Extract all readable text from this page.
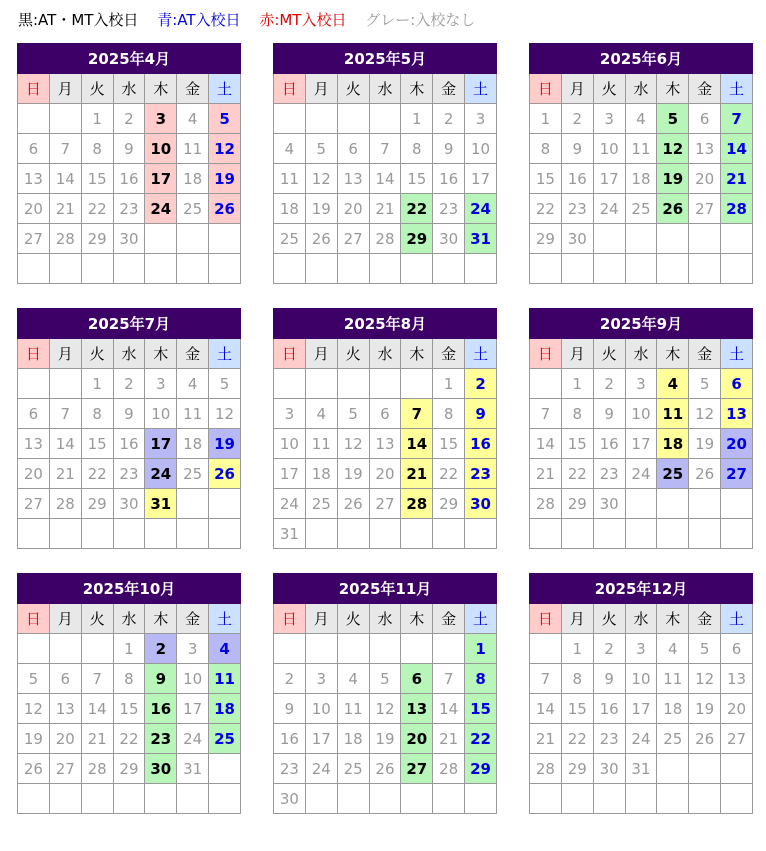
黒:AT・MT入校日 青:AT入校日 赤:MT入校日 グレー:入校なし
2025年4月						
日	月	火	水	木	金	土
		1	2	3	4	5
6	7	8	9	10	11	12
13	14	15	16	17	18	19
20	21	22	23	24	25	26
27	28	29	30			

2025年5月						
日	月	火	水	木	金	土
				1	2	3
4	5	6	7	8	9	10
11	12	13	14	15	16	17
18	19	20	21	22	23	24
25	26	27	28	29	30	31

2025年6月						
日	月	火	水	木	金	土
1	2	3	4	5	6	7
8	9	10	11	12	13	14
15	16	17	18	19	20	21
22	23	24	25	26	27	28
29	30					

2025年7月						
日	月	火	水	木	金	土
		1	2	3	4	5
6	7	8	9	10	11	12
13	14	15	16	17	18	19
20	21	22	23	24	25	26
27	28	29	30	31		

2025年8月						
日	月	火	水	木	金	土
					1	2
3	4	5	6	7	8	9
10	11	12	13	14	15	16
17	18	19	20	21	22	23
24	25	26	27	28	29	30
31						
2025年9月						
日	月	火	水	木	金	土
	1	2	3	4	5	6
7	8	9	10	11	12	13
14	15	16	17	18	19	20
21	22	23	24	25	26	27
28	29	30				

2025年10月						
日	月	火	水	木	金	土
			1	2	3	4
5	6	7	8	9	10	11
12	13	14	15	16	17	18
19	20	21	22	23	24	25
26	27	28	29	30	31	

2025年11月						
日	月	火	水	木	金	土
						1
2	3	4	5	6	7	8
9	10	11	12	13	14	15
16	17	18	19	20	21	22
23	24	25	26	27	28	29
30						
2025年12月						
日	月	火	水	木	金	土
	1	2	3	4	5	6
7	8	9	10	11	12	13
14	15	16	17	18	19	20
21	22	23	24	25	26	27
28	29	30	31			
